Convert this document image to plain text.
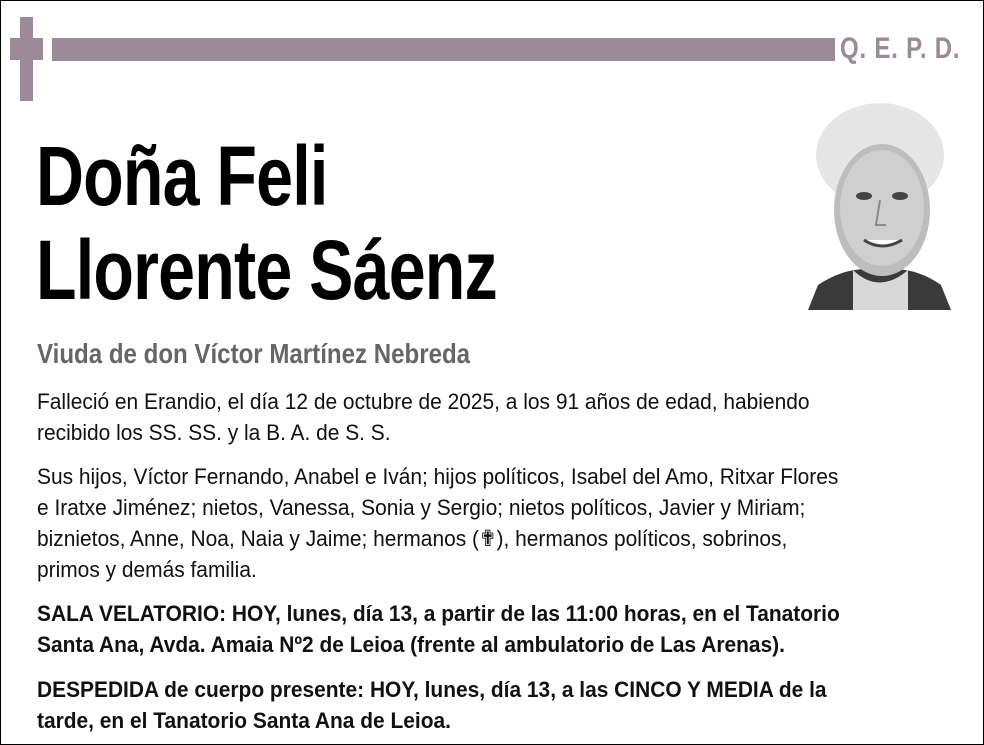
Q. E. P. D.
Doña Feli
Llorente Sáenz
Viuda de don Víctor Martínez Nebreda

Falleció en Erandio, el día 12 de octubre de 2025, a los 91 años de edad, habiendo

recibido los SS. SS. y la B. A. de S. S.

Sus hijos, Víctor Fernando, Anabel e Iván; hijos políticos, Isabel del Amo, Ritxar Flores

e Iratxe Jiménez; nietos, Vanessa, Sonia y Sergio; nietos políticos, Javier y Miriam;

biznietos, Anne, Noa, Naia y Jaime; hermanos (✟), hermanos políticos, sobrinos,

primos y demás familia.

SALA VELATORIO: HOY, lunes, día 13, a partir de las 11:00 horas, en el Tanatorio

Santa Ana, Avda. Amaia Nº2 de Leioa (frente al ambulatorio de Las Arenas).

DESPEDIDA de cuerpo presente: HOY, lunes, día 13, a las CINCO Y MEDIA de la

tarde, en el Tanatorio Santa Ana de Leioa.
